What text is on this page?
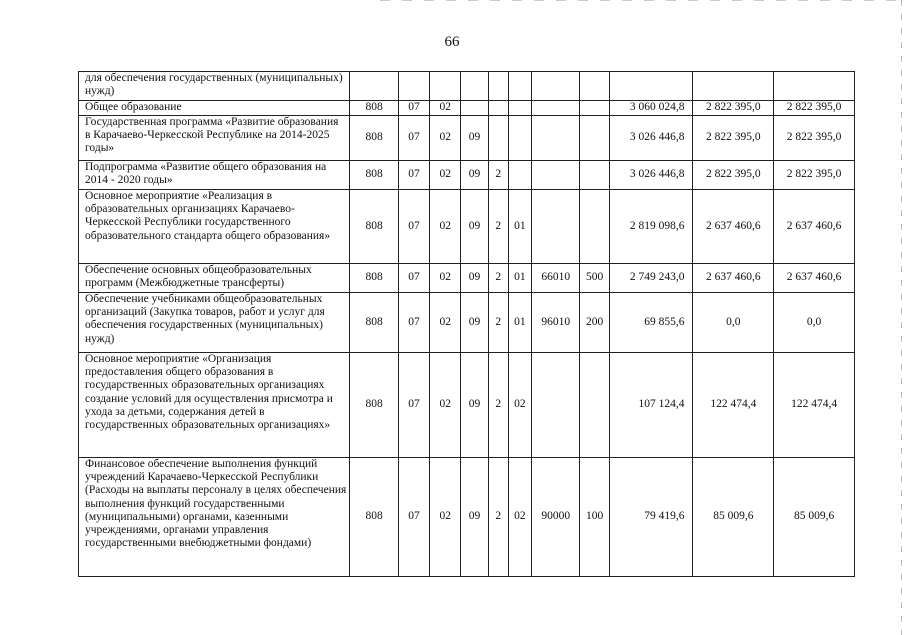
66
для обеспечения государственных (муниципальных) нужд)											
Общее образование	808	07	02						3 060 024,8	2 822 395,0	2 822 395,0
Государственная программа «Развитие образования в Карачаево-Черкесской Республике на 2014-2025 годы»	808	07	02	09					3 026 446,8	2 822 395,0	2 822 395,0
Подпрограмма «Развитие общего образования на 2014 - 2020 годы»	808	07	02	09	2				3 026 446,8	2 822 395,0	2 822 395,0
Основное мероприятие «Реализация в образовательных организациях Карачаево-Черкесской Республики государственного образовательного стандарта общего образования»	808	07	02	09	2	01			2 819 098,6	2 637 460,6	2 637 460,6
Обеспечение основных общеобразовательных программ (Межбюджетные трансферты)	808	07	02	09	2	01	66010	500	2 749 243,0	2 637 460,6	2 637 460,6
Обеспечение учебниками общеобразовательных организаций (Закупка товаров, работ и услуг для обеспечения государственных (муниципальных) нужд)	808	07	02	09	2	01	96010	200	69 855,6	0,0	0,0
Основное мероприятие «Организация предоставления общего образования в государственных образовательных организациях создание условий для осуществления присмотра и ухода за детьми, содержания детей в государственных образовательных организациях»	808	07	02	09	2	02			107 124,4	122 474,4	122 474,4
Финансовое обеспечение выполнения функций учреждений Карачаево-Черкесской Республики (Расходы на выплаты персоналу в целях обеспечения выполнения функций государственными (муниципальными) органами, казенными учреждениями, органами управления государственными внебюджетными фондами)	808	07	02	09	2	02	90000	100	79 419,6	85 009,6	85 009,6
